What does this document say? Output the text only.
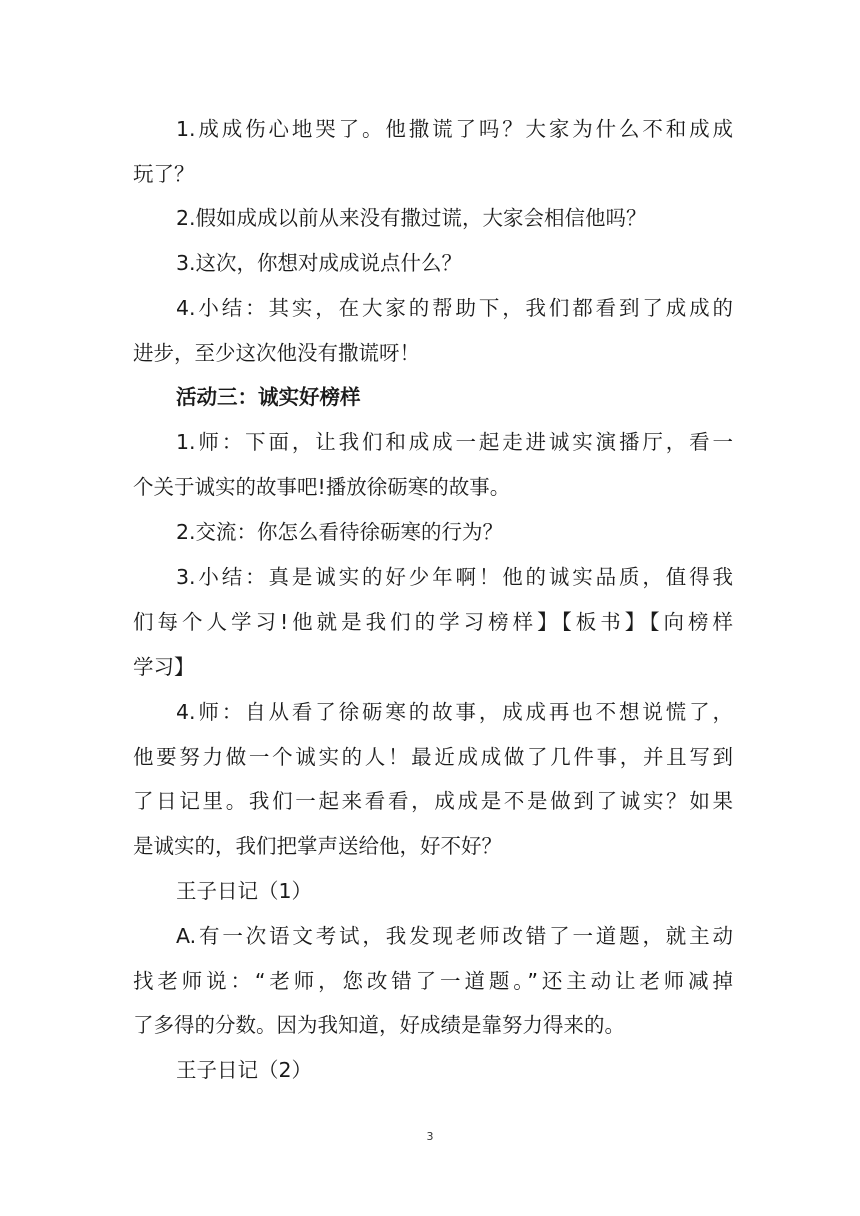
1.成成伤心地哭了。他撒谎了吗？大家为什么不和成成
玩了？
2.假如成成以前从来没有撒过谎，大家会相信他吗？
3.这次，你想对成成说点什么？
4.小结：其实，在大家的帮助下，我们都看到了成成的
进步，至少这次他没有撒谎呀！
活动三：诚实好榜样
1.师：下面，让我们和成成一起走进诚实演播厅，看一
个关于诚实的故事吧!播放徐砺寒的故事。
2.交流：你怎么看待徐砺寒的行为？
3.小结：真是诚实的好少年啊！他的诚实品质，值得我
们每个人学习!他就是我们的学习榜样】【板书】【向榜样
学习】
4.师：自从看了徐砺寒的故事，成成再也不想说慌了，
他要努力做一个诚实的人！最近成成做了几件事，并且写到
了日记里。我们一起来看看，成成是不是做到了诚实？如果
是诚实的，我们把掌声送给他，好不好？
王子日记（1）
A.有一次语文考试，我发现老师改错了一道题，就主动
找老师说：“老师，您改错了一道题。”还主动让老师减掉
了多得的分数。因为我知道，好成绩是靠努力得来的。
王子日记（2）
3
